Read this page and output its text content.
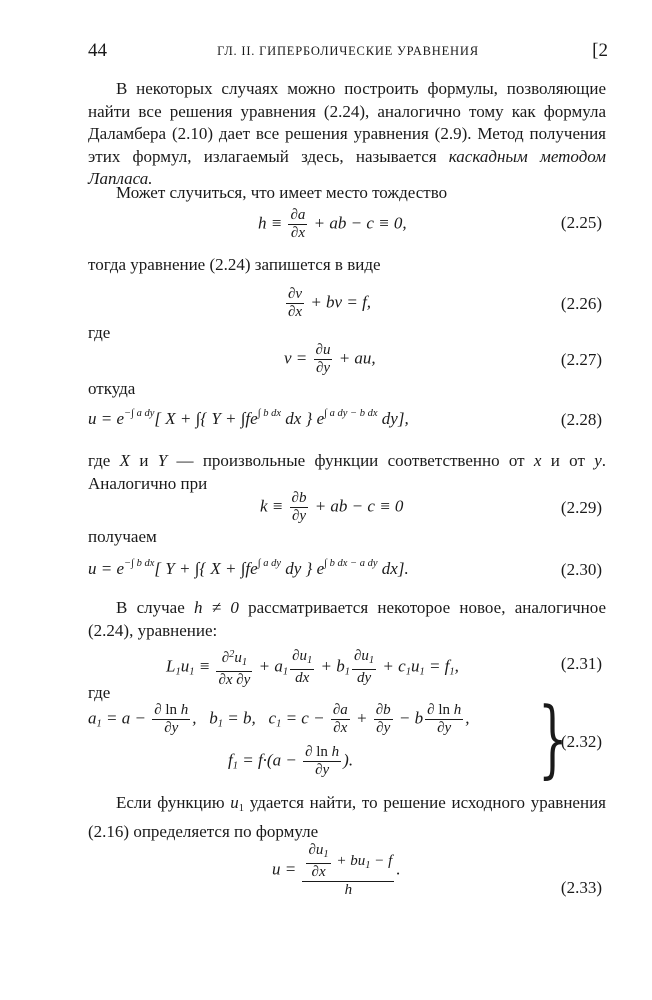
44	ГЛ. II. ГИПЕРБОЛИЧЕСКИЕ УРАВНЕНИЯ	[2
В некоторых случаях можно построить формулы, позволяющие найти все решения уравнения (2.24), аналогично тому как формула Даламбера (2.10) дает все решения уравнения (2.9). Метод получения этих формул, излагаемый здесь, называется каскадным методом Лапласа.
Может случиться, что имеет место тождество
$h \equiv \frac{\partial a}{\partial x}$ + ab − c ≡ 0,	(2.25)
тогда уравнение (2.24) запишется в виде
$\frac{\partial v}{\partial x}$ + bv = f,	(2.26)
где
$v = \frac{\partial u}{\partial y}$ + au,	(2.27)
откуда
$u = e^{-\int a dy}$[ X + ∫{ $Y + \int fe^{\int b dx}$ dx } $e^{\int a dy - b dx}$ dy],	(2.28)
где X и Y — произвольные функции соответственно от x и от y. Аналогично при
$k \equiv \frac{\partial b}{\partial y}$ + ab − c ≡ 0	(2.29)
получаем
$u = e^{-\int b dx}$[ Y + ∫{ $X + \int fe^{\int a dy}$ dy } $e^{\int b dx - a dy}$ dx].	(2.30)
В случае h ≠ 0 рассматривается некоторое новое, аналогичное (2.24), уравнение:
$L_1u_1 \equiv \frac{\partial^2u_1}{\partial x \partial y} + a_1 \frac{\partial u_1}{dx} + b_1 \frac{\partial u_1}{dy} + c_1u_1 = f_1$,	(2.31)
где
$a_1 = a - \frac{\text{∂ ln h}}{\partial y}$ ,   $b_1 = b$,   $c_1 = c - \frac{\partial a}{\partial x} + \frac{\partial b}{\partial y} - b \frac{\text{∂ ln h}}{\partial y}$ ,
$f_1 = f\cdot(a - \frac{\text{∂ ln h}}{\partial y}$ ). }
(2.32)
Если функцию $u_1$ удается найти, то решение исходного уравнения (2.16) определяется по формуле
$u = \frac{\frac{\partial u_1}{\partial x} + bu_1 - f}{h}$ .
(2.33)
